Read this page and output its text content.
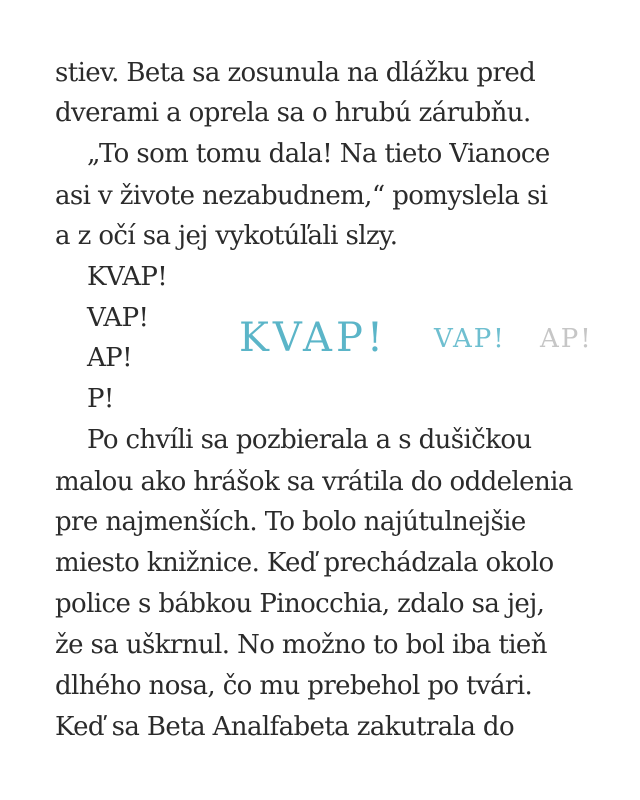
stiev. Beta sa zosunula na dlážku pred
dverami a oprela sa o hrubú zárubňu.
„To som tomu dala! Na tieto Vianoce
asi v živote nezabudnem,“ pomyslela si
a z očí sa jej vykotúľali slzy.
KVAP!
VAP!
AP!
P!
Po chvíli sa pozbierala a s dušičkou
malou ako hrášok sa vrátila do oddelenia
pre najmenších. To bolo najútulnejšie
miesto knižnice. Keď prechádzala okolo
police s bábkou Pinocchia, zdalo sa jej,
že sa uškrnul. No možno to bol iba tieň
dlhého nosa, čo mu prebehol po tvári.
Keď sa Beta Analfabeta zakutrala do
KVAP! VAP! AP!
